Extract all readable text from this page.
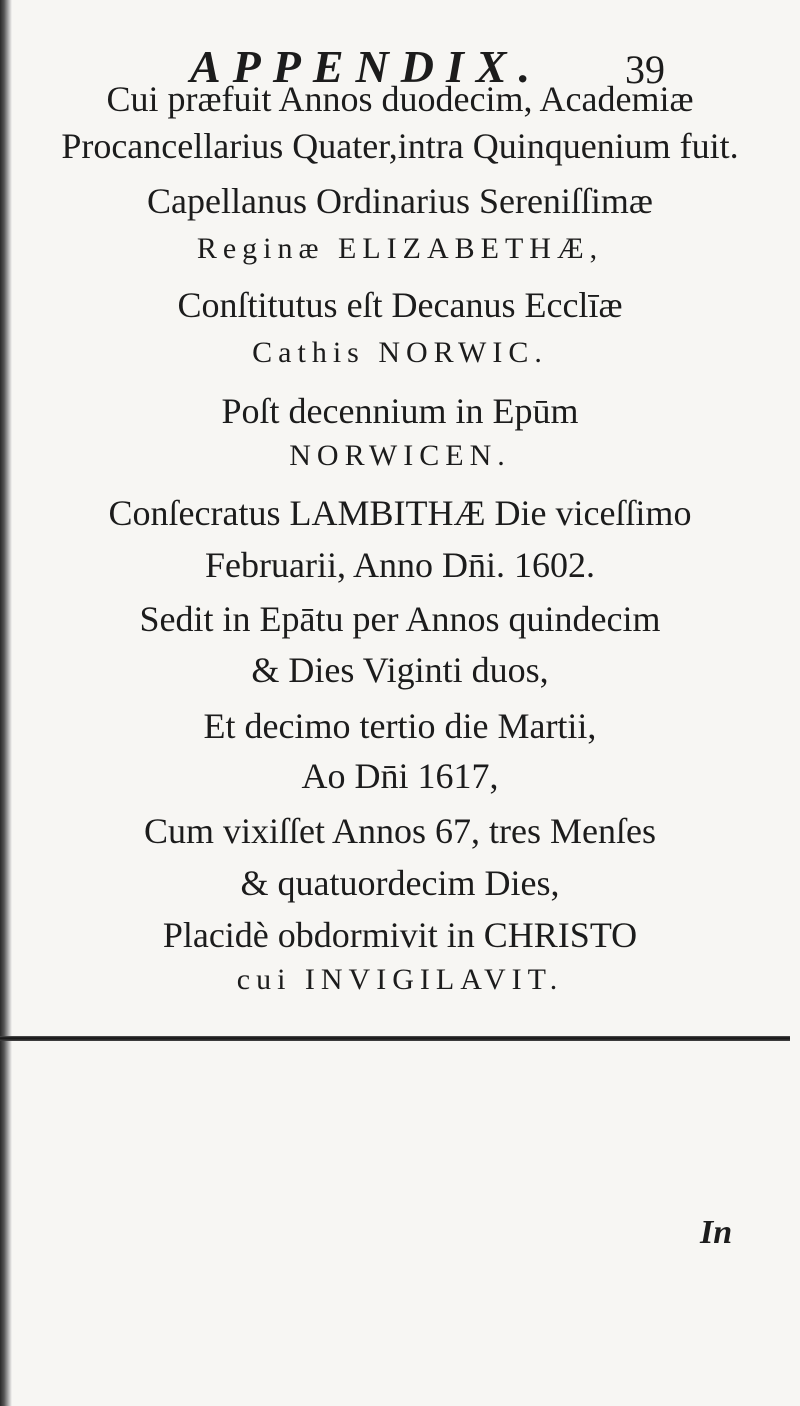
APPENDIX. 39
Cui præfuit Annos duodecim, Academiæ
Procancellarius Quater,intra Quinquenium fuit.
Capellanus Ordinarius Sereniſſimæ
Reginæ ELIZABETHÆ,
Conſtitutus eſt Decanus Ecclīæ
Cathis NORWIC.
Poſt decennium in Epūm
NORWICEN.
Conſecratus LAMBITHÆ Die viceſſimo
Februarii, Anno Dn̄i. 1602.
Sedit in Epātu per Annos quindecim
& Dies Viginti duos,
Et decimo tertio die Martii,
Ao Dn̄i 1617,
Cum vixiſſet Annos 67, tres Menſes
& quatuordecim Dies,
Placidè obdormivit in CHRISTO
cui INVIGILAVIT.
In
